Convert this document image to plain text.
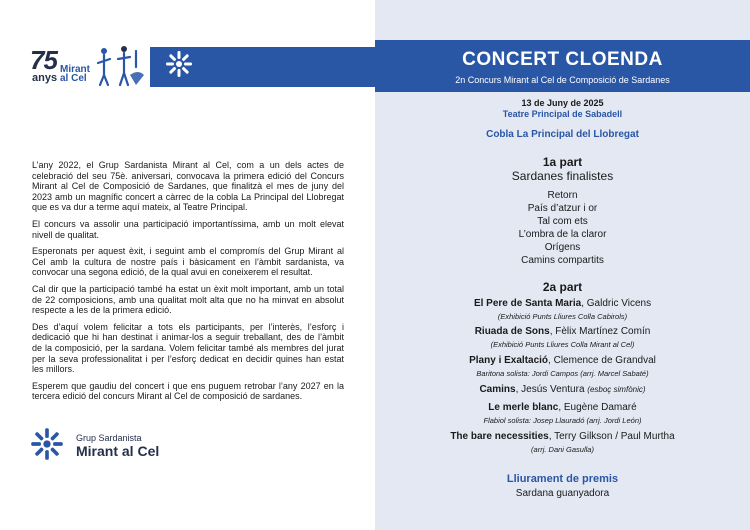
75
anys
Mirant
al Cel
CONCERT CLOENDA
2n Concurs Mirant al Cel de Composició de Sardanes
13 de Juny de 2025
Teatre Principal de Sabadell
Cobla La Principal del Llobregat
1a part
Sardanes finalistes
Retorn
País d’atzur i or
Tal com ets
L’ombra de la claror
Orígens
Camins compartits
2a part
El Pere de Santa Maria, Galdric Vicens
(Exhibició Punts Lliures Colla Cabirols)
Riuada de Sons, Fèlix Martínez Comín
(Exhibició Punts Lliures Colla Mirant al Cel)
Plany i Exaltació, Clemence de Grandval
Baritona solista: Jordi Campos (arrj. Marcel Sabaté)
Camins, Jesús Ventura (esboç simfònic)
Le merle blanc, Eugène Damaré
Flabiol solista: Josep Llauradó (arrj. Jordi León)
The bare necessities, Terry Gilkson / Paul Murtha
(arrj. Dani Gasulla)
Lliurament de premis
Sardana guanyadora

L’any 2022, el Grup Sardanista Mirant al Cel, com a un dels actes de celebració del seu 75è. aniversari, convocava la primera edició del Concurs Mirant al Cel de Composició de Sardanes, que finalitzà el mes de juny del 2023 amb un magnífic concert a càrrec de la cobla La Principal del Llobregat que es va dur a terme aquí mateix, al Teatre Principal.

El concurs va assolir una participació importantíssima, amb un molt elevat nivell de qualitat.

Esperonats per aquest èxit, i seguint amb el compromís del Grup Mirant al Cel amb la cultura de nostre país i bàsicament en l’àmbit sardanista, va convocar una segona edició, de la qual avui en coneixerem el resultat.

Cal dir que la participació també ha estat un èxit molt important, amb un total de 22 composicions, amb una qualitat molt alta que no ha minvat en absolut respecte a les de la primera edició.

Des d’aquí volem felicitar a tots els participants, per l’interès, l’esforç i dedicació que hi han destinat i animar-los a seguir treballant, des de l’àmbit de la composició, per la sardana. Volem felicitar també als membres del jurat per la seva professionalitat i per l’esforç dedicat en decidir quines han estat les millors.

Esperem que gaudiu del concert i que ens puguem retrobar l’any 2027 en la tercera edició del concurs Mirant al Cel de composició de sardanes.

Grup Sardanista
Mirant al Cel
